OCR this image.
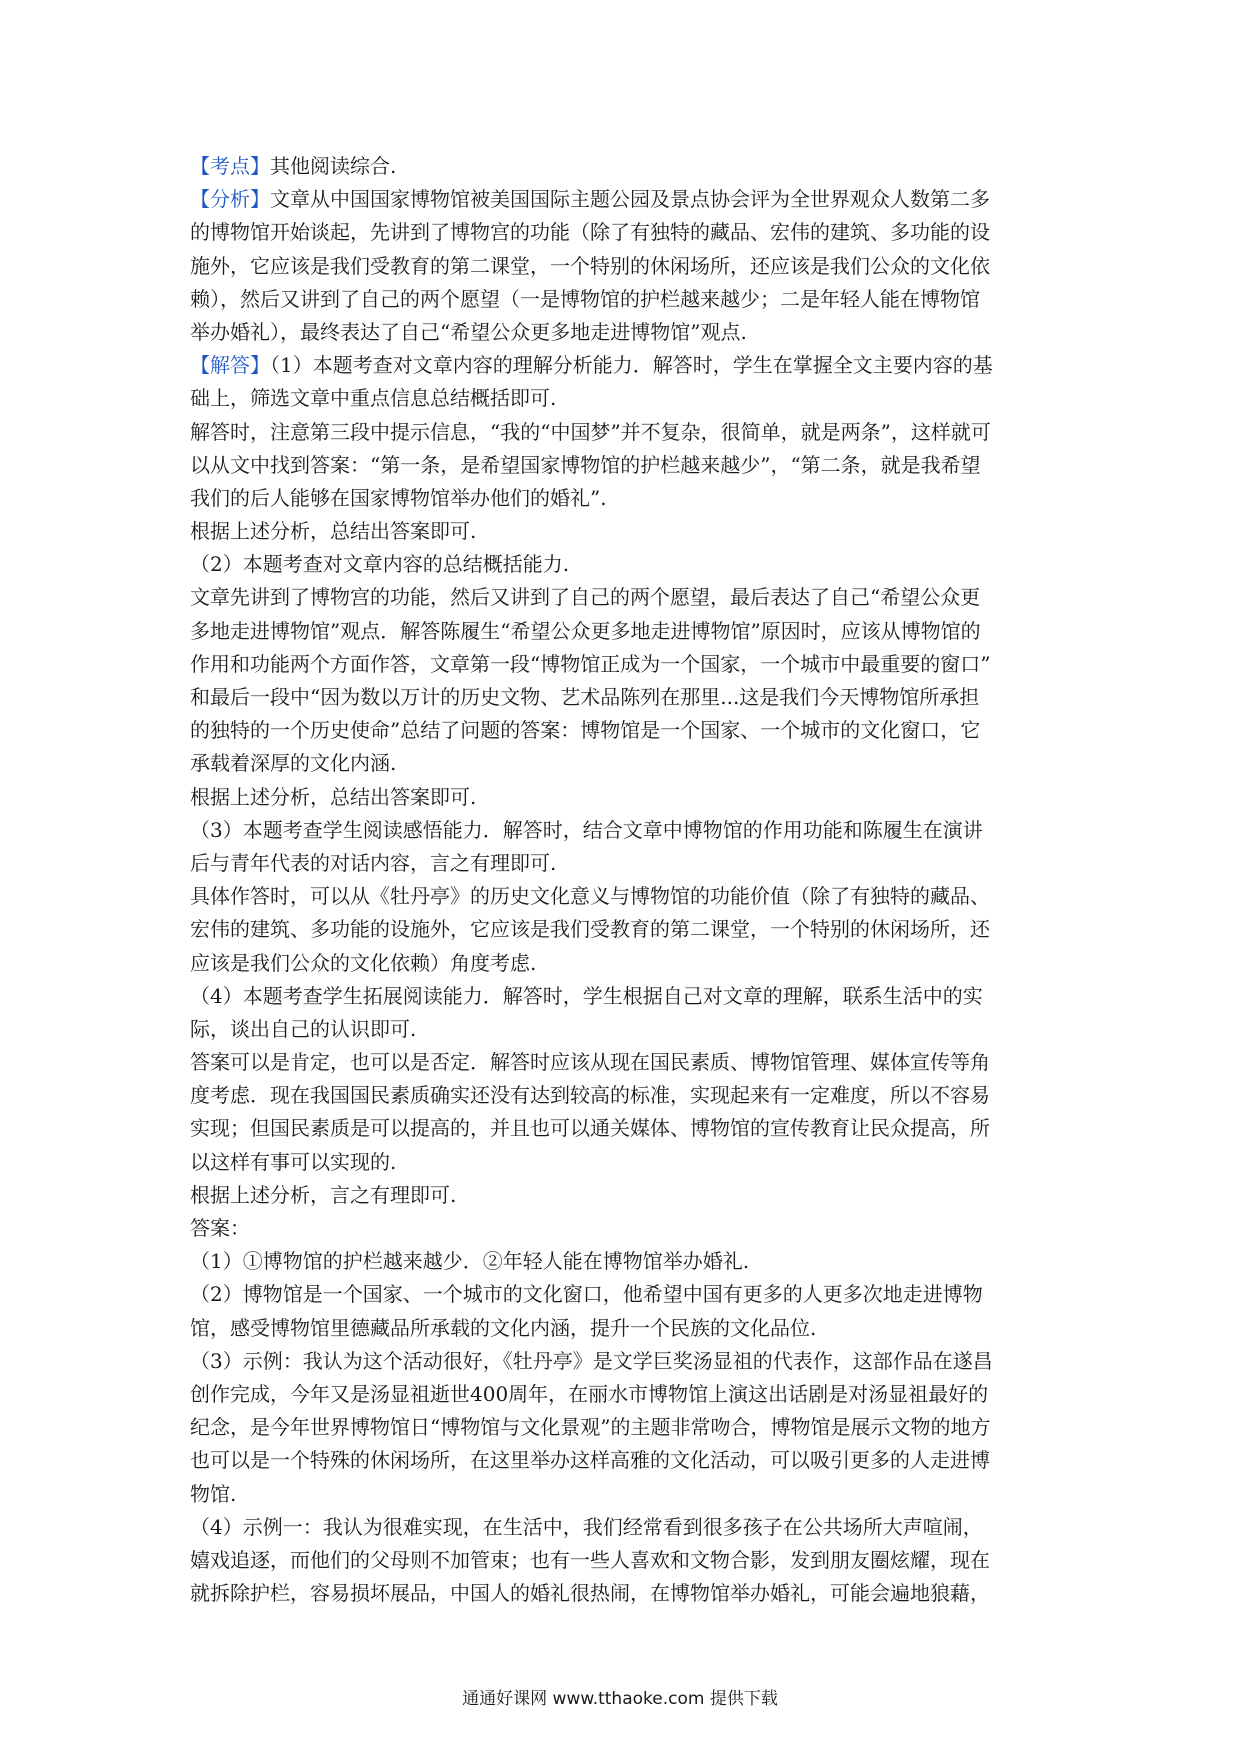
【考点】其他阅读综合.
【分析】文章从中国国家博物馆被美国国际主题公园及景点协会评为全世界观众人数第二多
的博物馆开始谈起，先讲到了博物宫的功能（除了有独特的藏品、宏伟的建筑、多功能的设
施外，它应该是我们受教育的第二课堂，一个特别的休闲场所，还应该是我们公众的文化依
赖），然后又讲到了自己的两个愿望（一是博物馆的护栏越来越少；二是年轻人能在博物馆
举办婚礼），最终表达了自己“希望公众更多地走进博物馆”观点.
【解答】（1）本题考查对文章内容的理解分析能力．解答时，学生在掌握全文主要内容的基
础上，筛选文章中重点信息总结概括即可.
解答时，注意第三段中提示信息，“我的“中国梦”并不复杂，很简单，就是两条”，这样就可
以从文中找到答案：“第一条，是希望国家博物馆的护栏越来越少”，“第二条，就是我希望
我们的后人能够在国家博物馆举办他们的婚礼”.
根据上述分析，总结出答案即可.
（2）本题考查对文章内容的总结概括能力.
文章先讲到了博物宫的功能，然后又讲到了自己的两个愿望，最后表达了自己“希望公众更
多地走进博物馆”观点．解答陈履生“希望公众更多地走进博物馆”原因时，应该从博物馆的
作用和功能两个方面作答，文章第一段“博物馆正成为一个国家，一个城市中最重要的窗口”
和最后一段中“因为数以万计的历史文物、艺术品陈列在那里...这是我们今天博物馆所承担
的独特的一个历史使命”总结了问题的答案：博物馆是一个国家、一个城市的文化窗口，它
承载着深厚的文化内涵.
根据上述分析，总结出答案即可.
（3）本题考查学生阅读感悟能力．解答时，结合文章中博物馆的作用功能和陈履生在演讲
后与青年代表的对话内容，言之有理即可.
具体作答时，可以从《牡丹亭》的历史文化意义与博物馆的功能价值（除了有独特的藏品、
宏伟的建筑、多功能的设施外，它应该是我们受教育的第二课堂，一个特别的休闲场所，还
应该是我们公众的文化依赖）角度考虑.
（4）本题考查学生拓展阅读能力．解答时，学生根据自己对文章的理解，联系生活中的实
际，谈出自己的认识即可.
答案可以是肯定，也可以是否定．解答时应该从现在国民素质、博物馆管理、媒体宣传等角
度考虑．现在我国国民素质确实还没有达到较高的标准，实现起来有一定难度，所以不容易
实现；但国民素质是可以提高的，并且也可以通关媒体、博物馆的宣传教育让民众提高，所
以这样有事可以实现的.
根据上述分析，言之有理即可.
答案：
（1）①博物馆的护栏越来越少．②年轻人能在博物馆举办婚礼.
（2）博物馆是一个国家、一个城市的文化窗口，他希望中国有更多的人更多次地走进博物
馆，感受博物馆里德藏品所承载的文化内涵，提升一个民族的文化品位.
（3）示例：我认为这个活动很好，《牡丹亭》是文学巨奖汤显祖的代表作，这部作品在遂昌
创作完成，今年又是汤显祖逝世400周年，在丽水市博物馆上演这出话剧是对汤显祖最好的
纪念，是今年世界博物馆日“博物馆与文化景观”的主题非常吻合，博物馆是展示文物的地方
也可以是一个特殊的休闲场所，在这里举办这样高雅的文化活动，可以吸引更多的人走进博
物馆.
（4）示例一：我认为很难实现，在生活中，我们经常看到很多孩子在公共场所大声喧闹，
嬉戏追逐，而他们的父母则不加管束；也有一些人喜欢和文物合影，发到朋友圈炫耀，现在
就拆除护栏，容易损坏展品，中国人的婚礼很热闹，在博物馆举办婚礼，可能会遍地狼藉，
通通好课网 www.tthaoke.com 提供下载
